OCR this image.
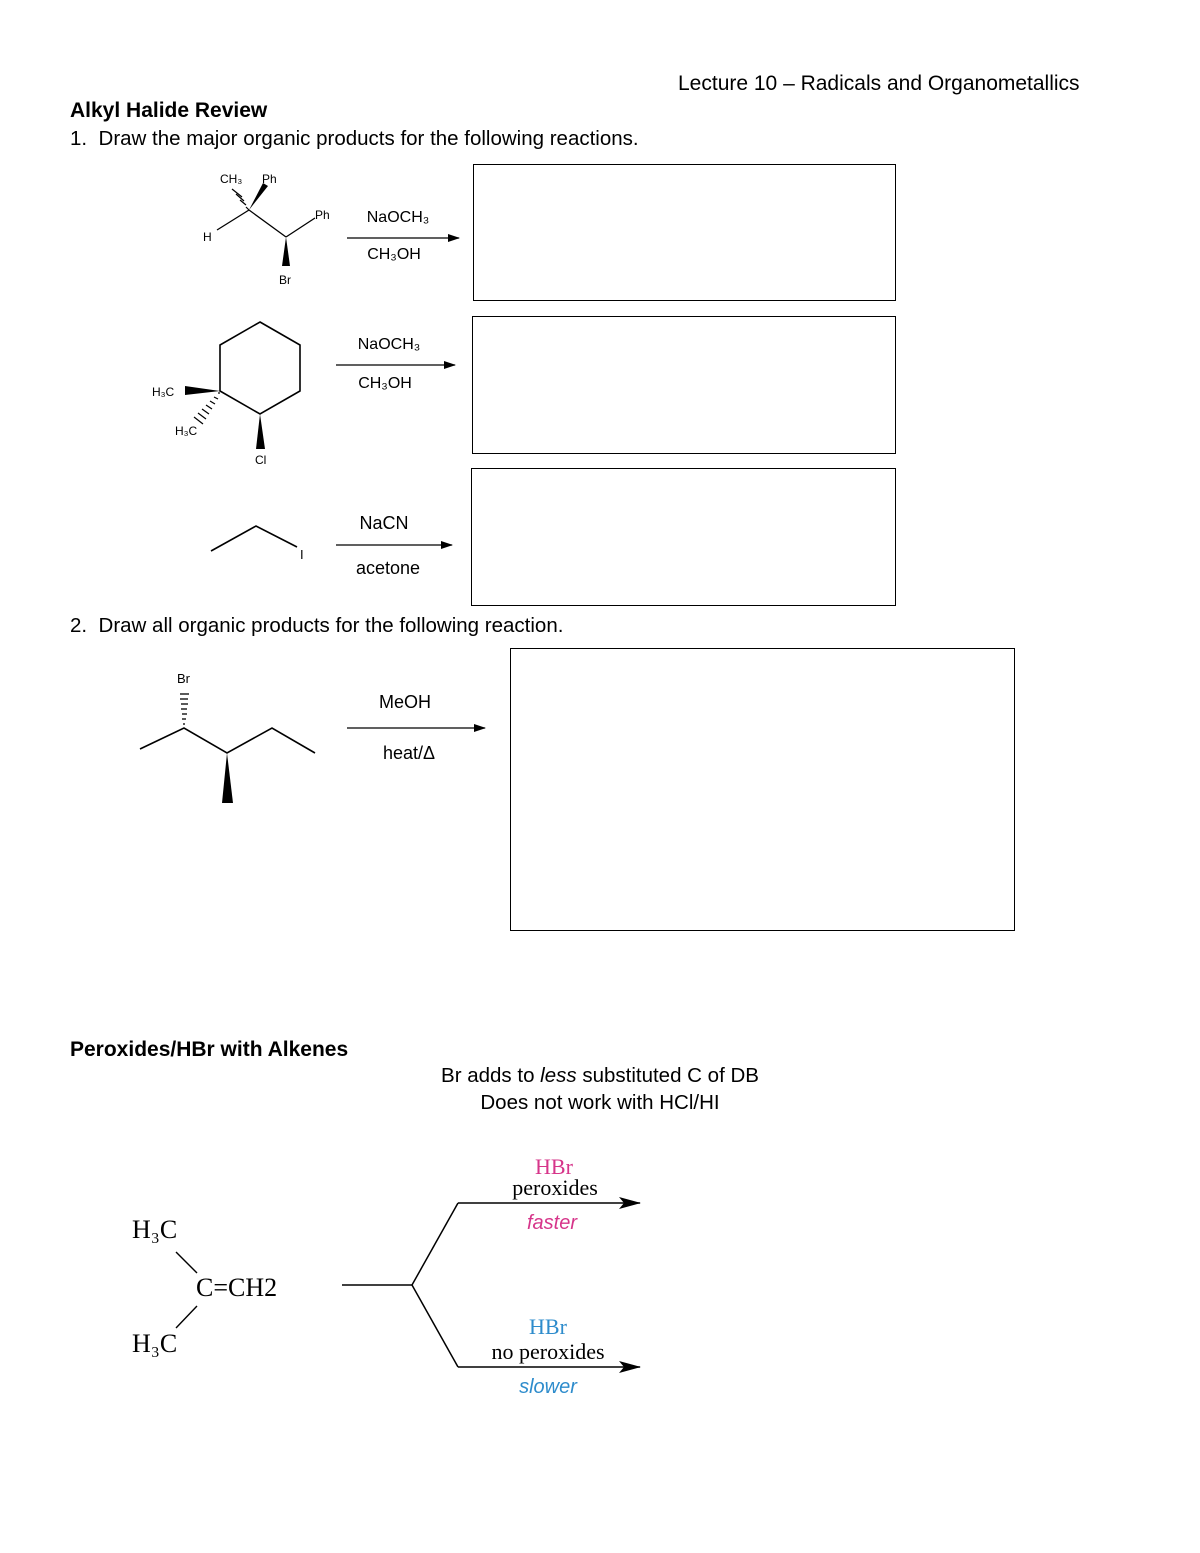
Lecture 10 – Radicals and Organometallics
Alkyl Halide Review
1. Draw the major organic products for the following reactions.
2. Draw all organic products for the following reaction.
NaOCH₃
CH₃OH
NaOCH₃
CH₃OH
NaCN
acetone
MeOH
heat/Δ
Peroxides/HBr with Alkenes
Br adds to less substituted C of DB
Does not work with HCl/HI
CH₃ Ph
Ph
H
Br
H₃C
H₃C
Cl
I
Br
H₃C
C=CH2
H₃C
HBr
peroxides
faster
HBr
no peroxides
slower
